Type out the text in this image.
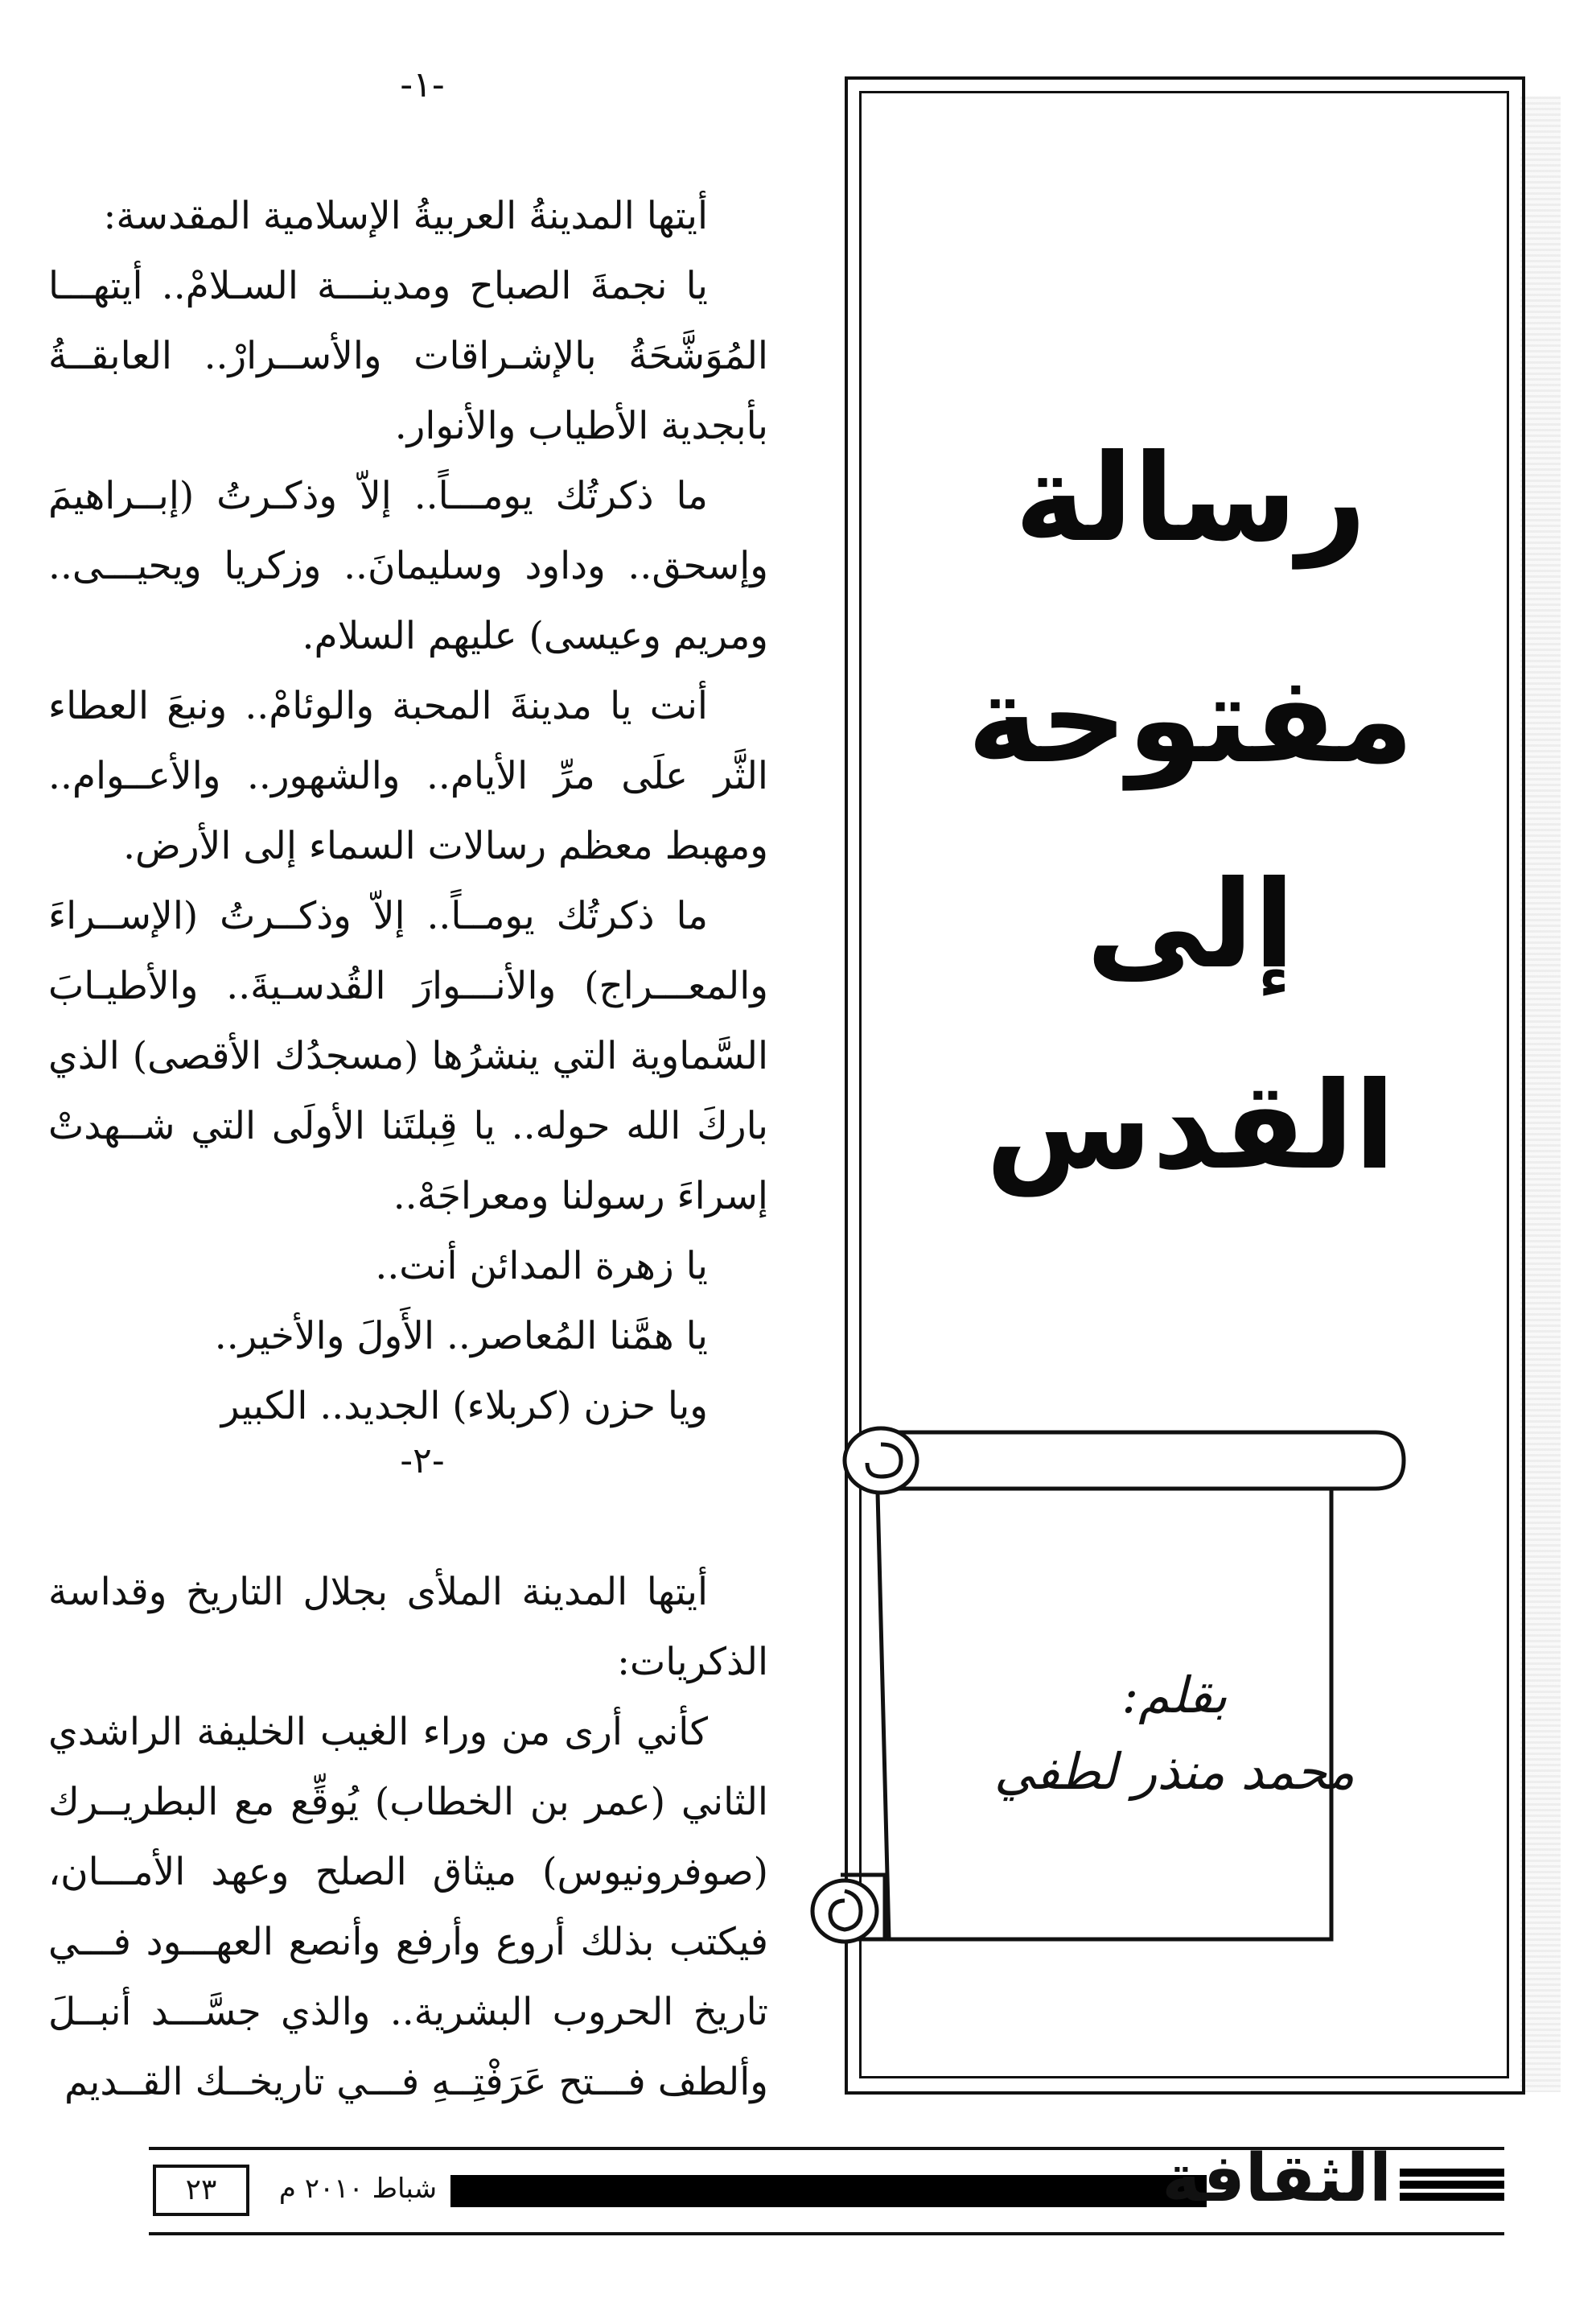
-١-

أيتها المدينةُ العربيةُ الإسلامية المقدسة:

يا نجمةَ الصباح ومدينـــة السـلامْ.. أيتهـــا المُوَشَّحَةُ بالإشـراقات والأســرارْ.. العابقــةُ بأبجدية الأطياب والأنوار.

ما ذكرتُك يومـــاً.. إلاّ وذكـرتُ (إبــراهيمَ وإسحق.. وداود وسليمانَ.. وزكريا ويحيـــى.. ومريم وعيسى) عليهم السلام.

أنت يا مدينةَ المحبة والوئامْ.. ونبعَ العطاء الثَّر علَى مرِّ الأيام.. والشهور.. والأعــوام.. ومهبط معظم رسالات السماء إلى الأرض.

ما ذكرتُك يومــاً.. إلاّ وذكــرتُ (الإســراءَ والمعـــراج) والأنـــوارَ القُدسـيةَ.. والأطيـابَ السَّماوية التي ينشرُها (مسجدُك الأقصى) الذي باركَ الله حوله.. يا قِبلتَنا الأولَى التي شــهدتْ إسراءَ رسولنا ومعراجَهْ..

يا زهرة المدائن أنت..

يا همَّنا المُعاصر.. الأَولَ والأخير..

ويا حزن (كربلاء) الجديد.. الكبير

-٢-

أيتها المدينة الملأى بجلال التاريخ وقداسة الذكريات:

كأني أرى من وراء الغيب الخليفة الراشدي الثاني (عمر بن الخطاب) يُوقِّع مع البطريــرك (صوفرونيوس) ميثاق الصلح وعهد الأمـــان، فيكتب بذلك أروع وأرفع وأنصع العهـــود فـــي تاريخ الحروب البشرية.. والذي جسَّـــد أنبــلَ وألطف فـــتح عَرَفْتِــهِ فـــي تاريخــك القــديم

رسالة
مفتوحة
إلى
القدس
بقلم:
محمد منذر لطفي
الثقافة
شباط ٢٠١٠ م
٢٣
